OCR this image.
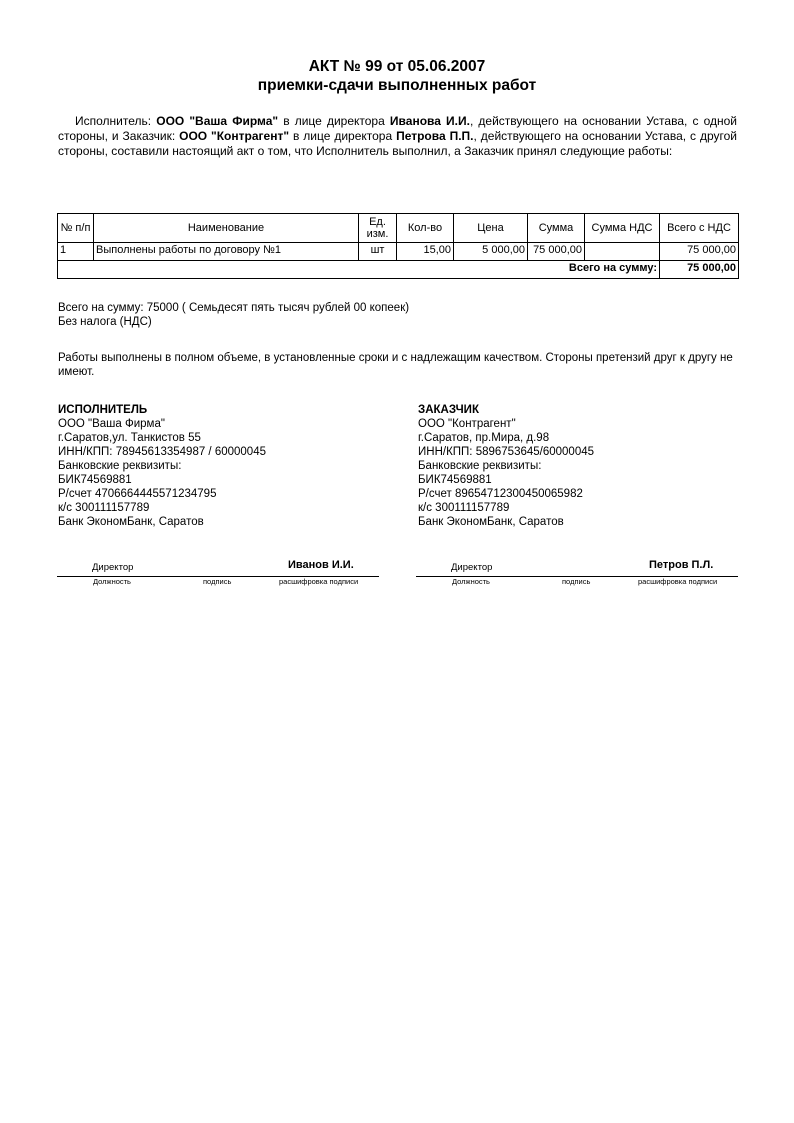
АКТ № 99 от 05.06.2007
приемки-сдачи выполненных работ
Исполнитель: ООО "Ваша Фирма" в лице директора Иванова И.И., действующего на основании Устава, с одной стороны, и Заказчик: ООО "Контрагент" в лице директора Петрова П.П., действующего на основании Устава, с другой стороны, составили настоящий акт о том, что Исполнитель выполнил, а Заказчик принял следующие работы:
№ п/п	Наименование	Ед. изм.	Кол-во	Цена	Сумма	Сумма НДС	Всего с НДС
1	Выполнены работы по договору №1	шт	15,00	5 000,00	75 000,00		75 000,00
Всего на сумму:							75 000,00
Всего на сумму: 75000 ( Семьдесят пять тысяч рублей 00 копеек)
Без налога (НДС)
Работы выполнены в полном объеме, в установленные сроки и с надлежащим качеством. Стороны претензий друг к другу не имеют.
ИСПОЛНИТЕЛЬ
ООО "Ваша Фирма"
г.Саратов,ул. Танкистов 55
ИНН/КПП: 78945613354987 / 60000045
Банковские реквизиты:
БИК74569881
Р/счет 4706664445571234795
к/с 300111157789
Банк ЭкономБанк, Саратов
ЗАКАЗЧИК
ООО "Контрагент"
г.Саратов, пр.Мира, д.98
ИНН/КПП: 5896753645/60000045
Банковские реквизиты:
БИК74569881
Р/счет 89654712300450065982
к/с 300111157789
Банк ЭкономБанк, Саратов
Директор	Иванов И.И.
Должность	подпись	расшифровка подписи
Директор	Петров П.Л.
Должность	подпись	расшифровка подписи
